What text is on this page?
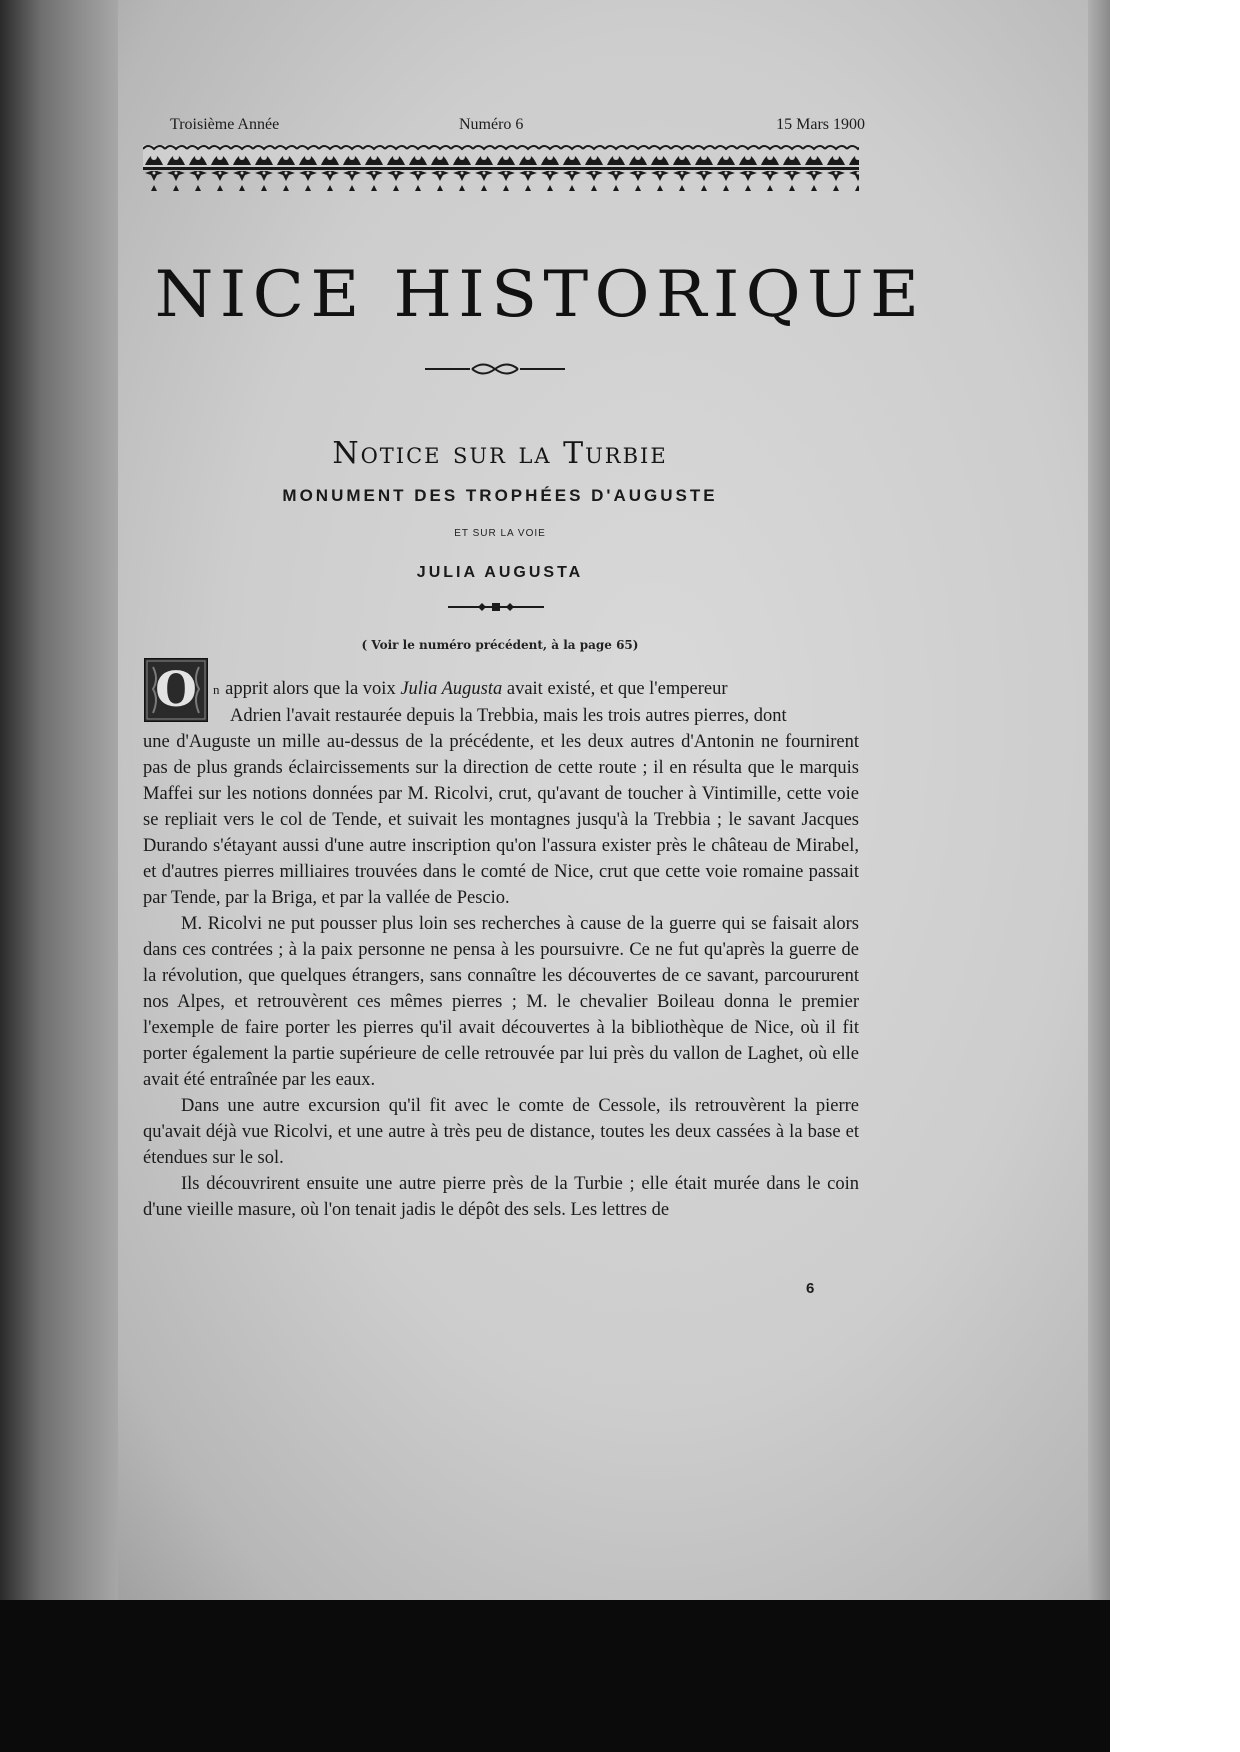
Troisième Année	Numéro 6	15 Mars 1900
NICE HISTORIQUE
Notice sur la Turbie
MONUMENT DES TROPHÉES D'AUGUSTE
ET SUR LA VOIE
JULIA AUGUSTA
( Voir le numéro précédent, à la page 65)
O	n apprit alors que la voix Julia Augusta avait existé, et que l'empereur
Adrien l'avait restaurée depuis la Trebbia, mais les trois autres pierres, dont
une d'Auguste un mille au-dessus de la précédente, et les deux autres d'Antonin ne fournirent pas de plus grands éclaircissements sur la direction de cette route ; il en résulta que le marquis Maffei sur les notions données par M. Ricolvi, crut, qu'avant de toucher à Vintimille, cette voie se repliait vers le col de Tende, et suivait les montagnes jusqu'à la Trebbia ; le savant Jacques Durando s'étayant aussi d'une autre inscription qu'on l'assura exister près le château de Mirabel, et d'autres pierres milliaires trouvées dans le comté de Nice, crut que cette voie romaine passait par Tende, par la Briga, et par la vallée de Pescio.

M. Ricolvi ne put pousser plus loin ses recherches à cause de la guerre qui se faisait alors dans ces contrées ; à la paix personne ne pensa à les poursuivre. Ce ne fut qu'après la guerre de la révolution, que quelques étrangers, sans connaître les découvertes de ce savant, parcoururent nos Alpes, et retrouvèrent ces mêmes pierres ; M. le chevalier Boileau donna le premier l'exemple de faire porter les pierres qu'il avait découvertes à la bibliothèque de Nice, où il fit porter également la partie supérieure de celle retrouvée par lui près du vallon de Laghet, où elle avait été entraînée par les eaux.

Dans une autre excursion qu'il fit avec le comte de Cessole, ils retrouvèrent la pierre qu'avait déjà vue Ricolvi, et une autre à très peu de distance, toutes les deux cassées à la base et étendues sur le sol.

Ils découvrirent ensuite une autre pierre près de la Turbie ; elle était murée dans le coin d'une vieille masure, où l'on tenait jadis le dépôt des sels. Les lettres de

6
